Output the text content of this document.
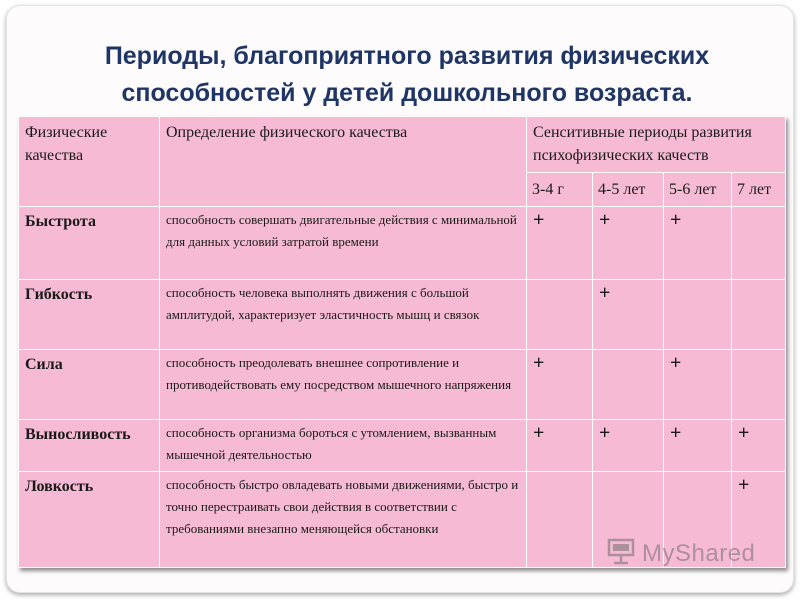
Периоды, благоприятного развития физических
способностей у детей дошкольного возраста.
Физические качества	Определение физического качества	Сенситивные периоды развития психофизических качеств			
		3-4 г	4-5 лет	5-6 лет	7 лет
Быстрота	способность совершать двигательные действия с минимальной для данных условий затратой времени	+	+	+	
Гибкость	способность человека выполнять движения с большой амплитудой, характеризует эластичность мышц и связок		+		
Сила	способность преодолевать внешнее сопротивление и противодействовать ему посредством мышечного напряжения	+		+	
Выносливость	способность организма бороться с утомлением, вызванным мышечной деятельностью	+	+	+	+
Ловкость	способность быстро овладевать новыми движениями, быстро и точно перестраивать свои действия в соответствии с требованиями внезапно меняющейся обстановки				+
MyShared
